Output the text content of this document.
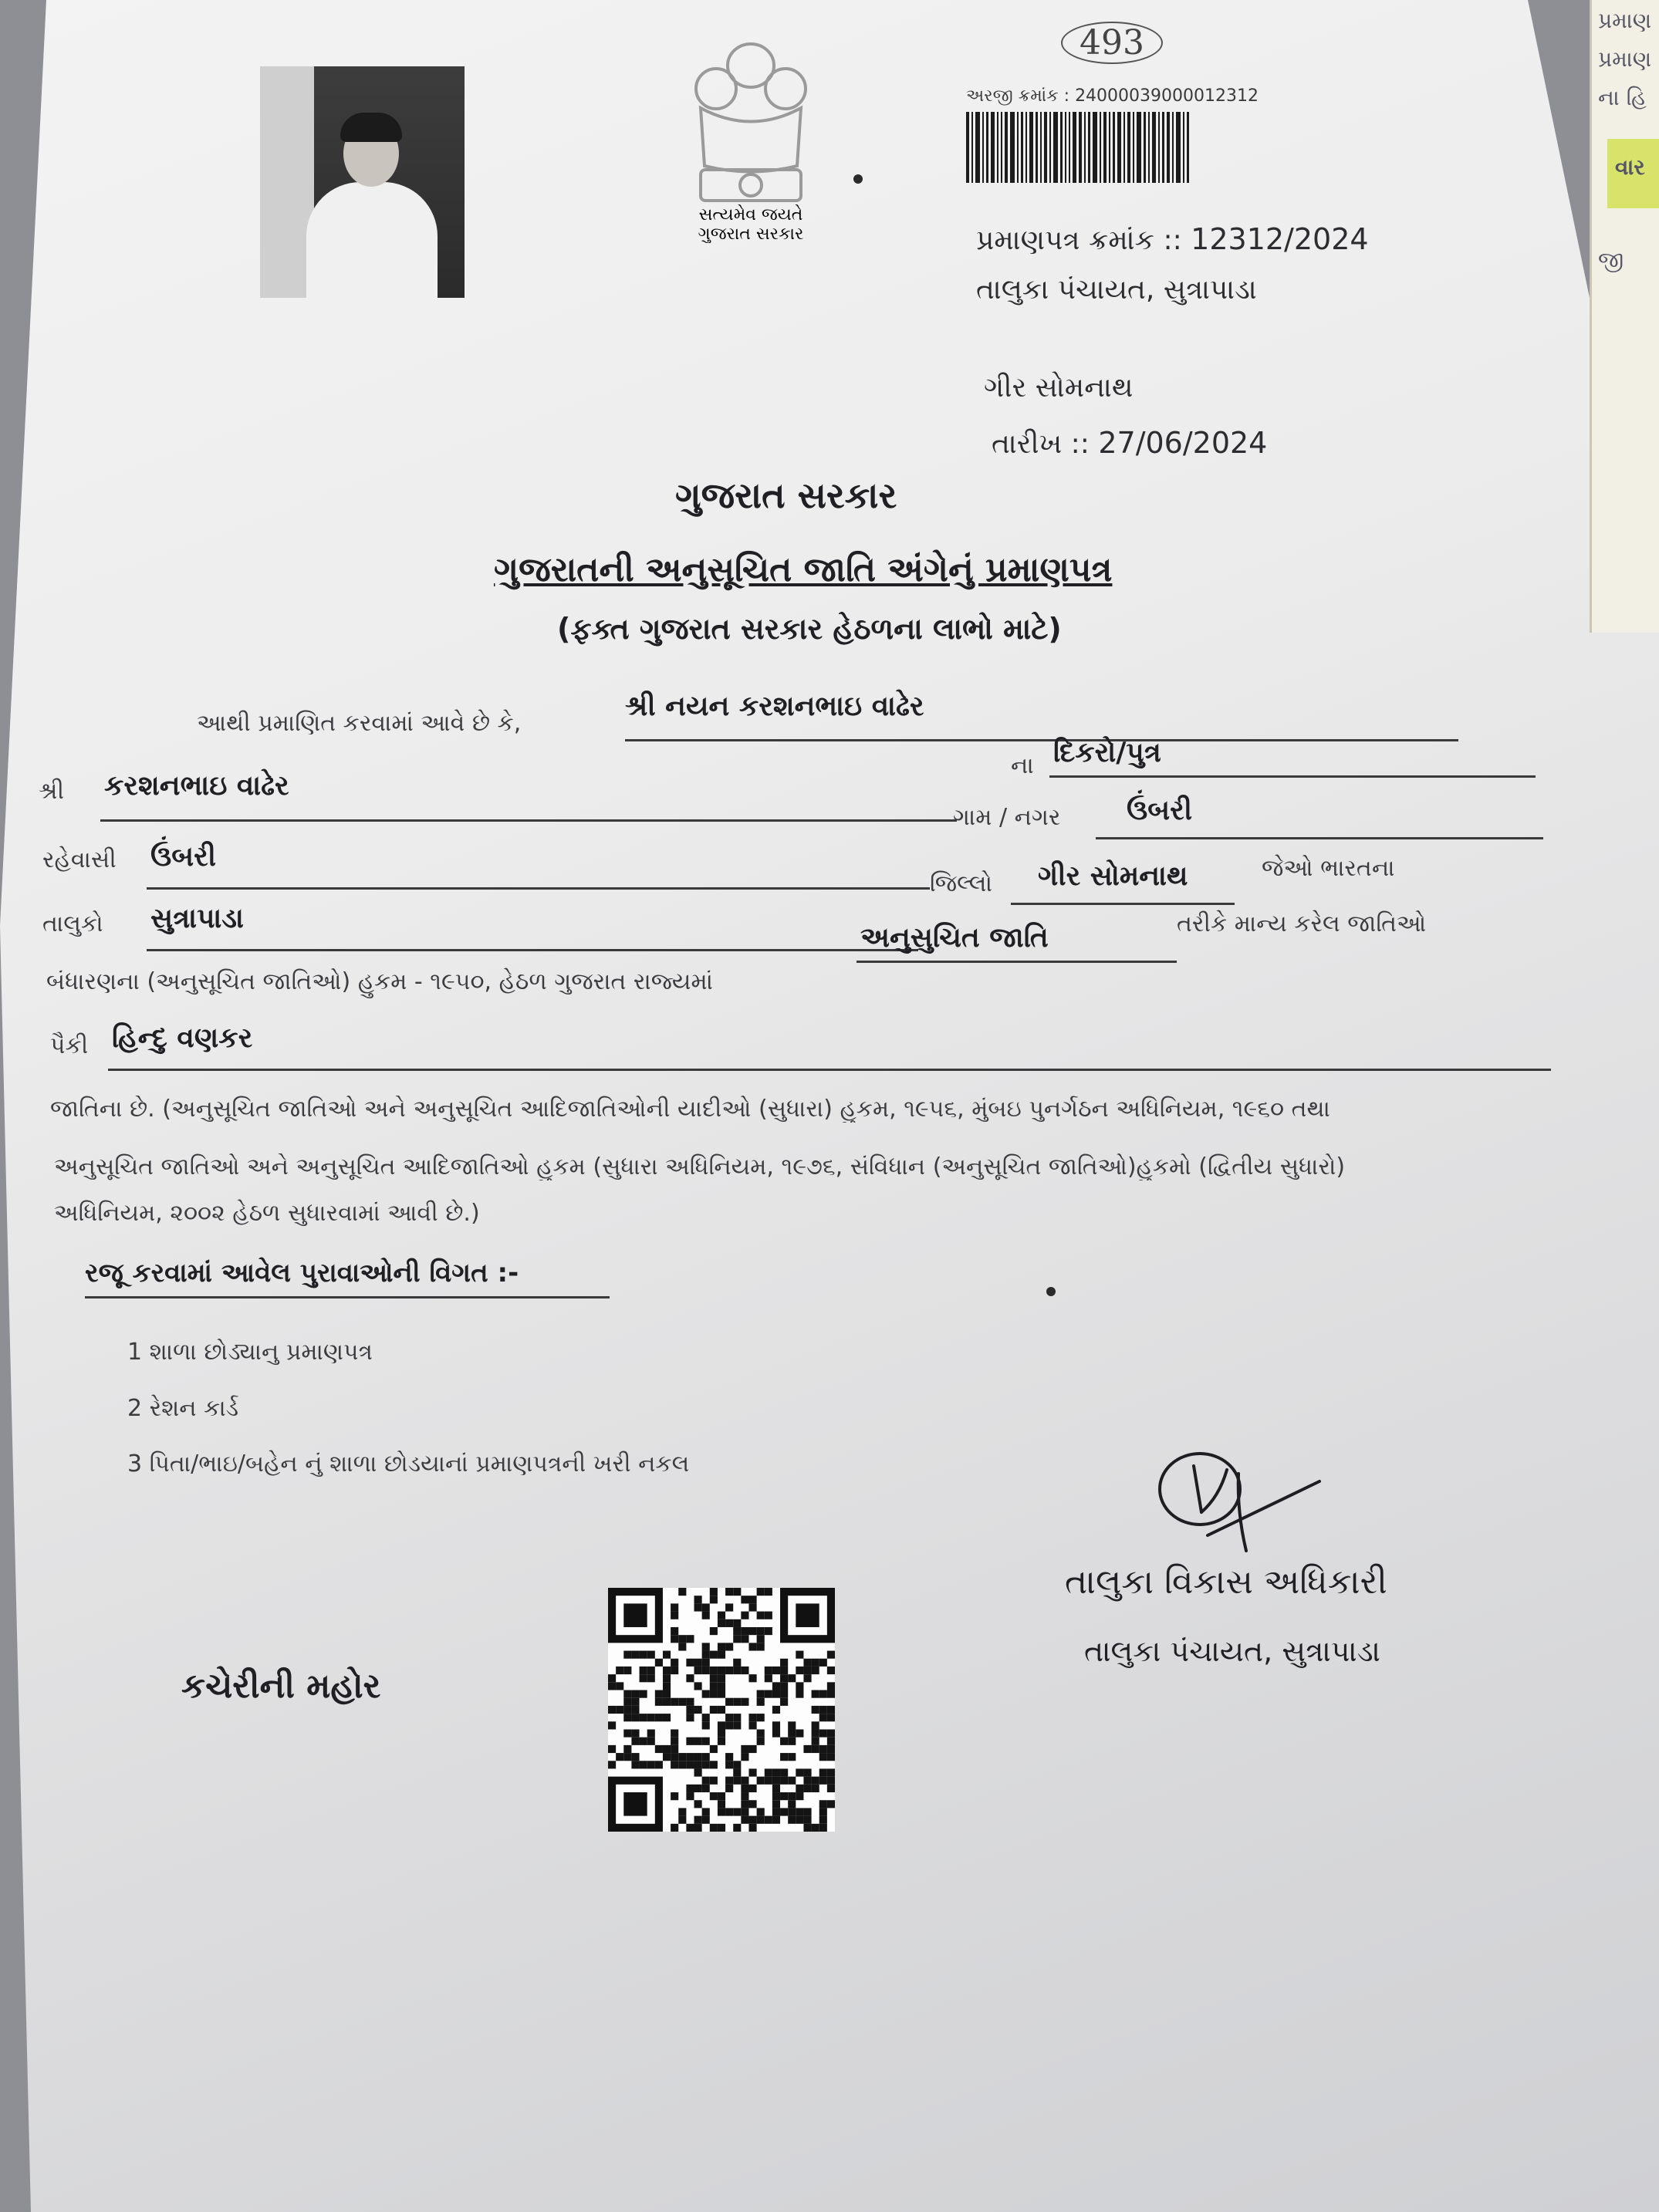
પ્રમાણ
પ્રમાણ
ના હિ
વાર
જી
સત્યમેવ જયતે
ગુજરાત સરકાર
493
અરજી ક્રમાંક : 24000039000012312
પ્રમાણપત્ર ક્રમાંક :: 12312/2024
તાલુકા પંચાયત, સુત્રાપાડા
ગીર સોમનાથ
તારીખ :: 27/06/2024
ગુજરાત સરકાર
ગુજરાતની અનુસૂચિત જાતિ અંગેનું પ્રમાણપત્ર
(ફક્ત ગુજરાત સરકાર હેઠળના લાભો માટે)
આથી પ્રમાણિત કરવામાં આવે છે કે,
શ્રી નયન કરશનભાઇ વાઢેર
શ્રી કરશનભાઇ વાઢેર
ના દિકરો/પુત્ર
ગામ / નગર ઉંબરી
રહેવાસી ઉંબરી
જિલ્લો ગીર સોમનાથ	જેઓ ભારતના
તાલુકો સુત્રાપાડા
બંધારણના (અનુસૂચિત જાતિઓ) હુકમ - ૧૯૫૦, હેઠળ ગુજરાત રાજ્યમાં
અનુસુચિત જાતિ	તરીકે માન્ય કરેલ જાતિઓ
પૈકી હિન્દુ વણકર
જાતિના છે. (અનુસૂચિત જાતિઓ અને અનુસૂચિત આદિજાતિઓની યાદીઓ (સુધારા) હુકમ, ૧૯૫૬, મુંબઇ પુનર્ગઠન અધિનિયમ, ૧૯૬૦ તથા
અનુસૂચિત જાતિઓ અને અનુસૂચિત આદિજાતિઓ હુકમ (સુધારા અધિનિયમ, ૧૯૭૬, સંવિધાન (અનુસૂચિત જાતિઓ)હુકમો (દ્વિતીય સુધારો)
અધિનિયમ, ૨૦૦૨ હેઠળ સુધારવામાં આવી છે.)
રજૂ કરવામાં આવેલ પુરાવાઓની વિગત :-
1 શાળા છોડ્યાનુ પ્રમાણપત્ર
2 રેશન કાર્ડ
3 પિતા/ભાઇ/બહેન નું શાળા છોડયાનાં પ્રમાણપત્રની ખરી નકલ
કચેરીની મહોર
તાલુકા વિકાસ અધિકારી
તાલુકા પંચાયત, સુત્રાપાડા
